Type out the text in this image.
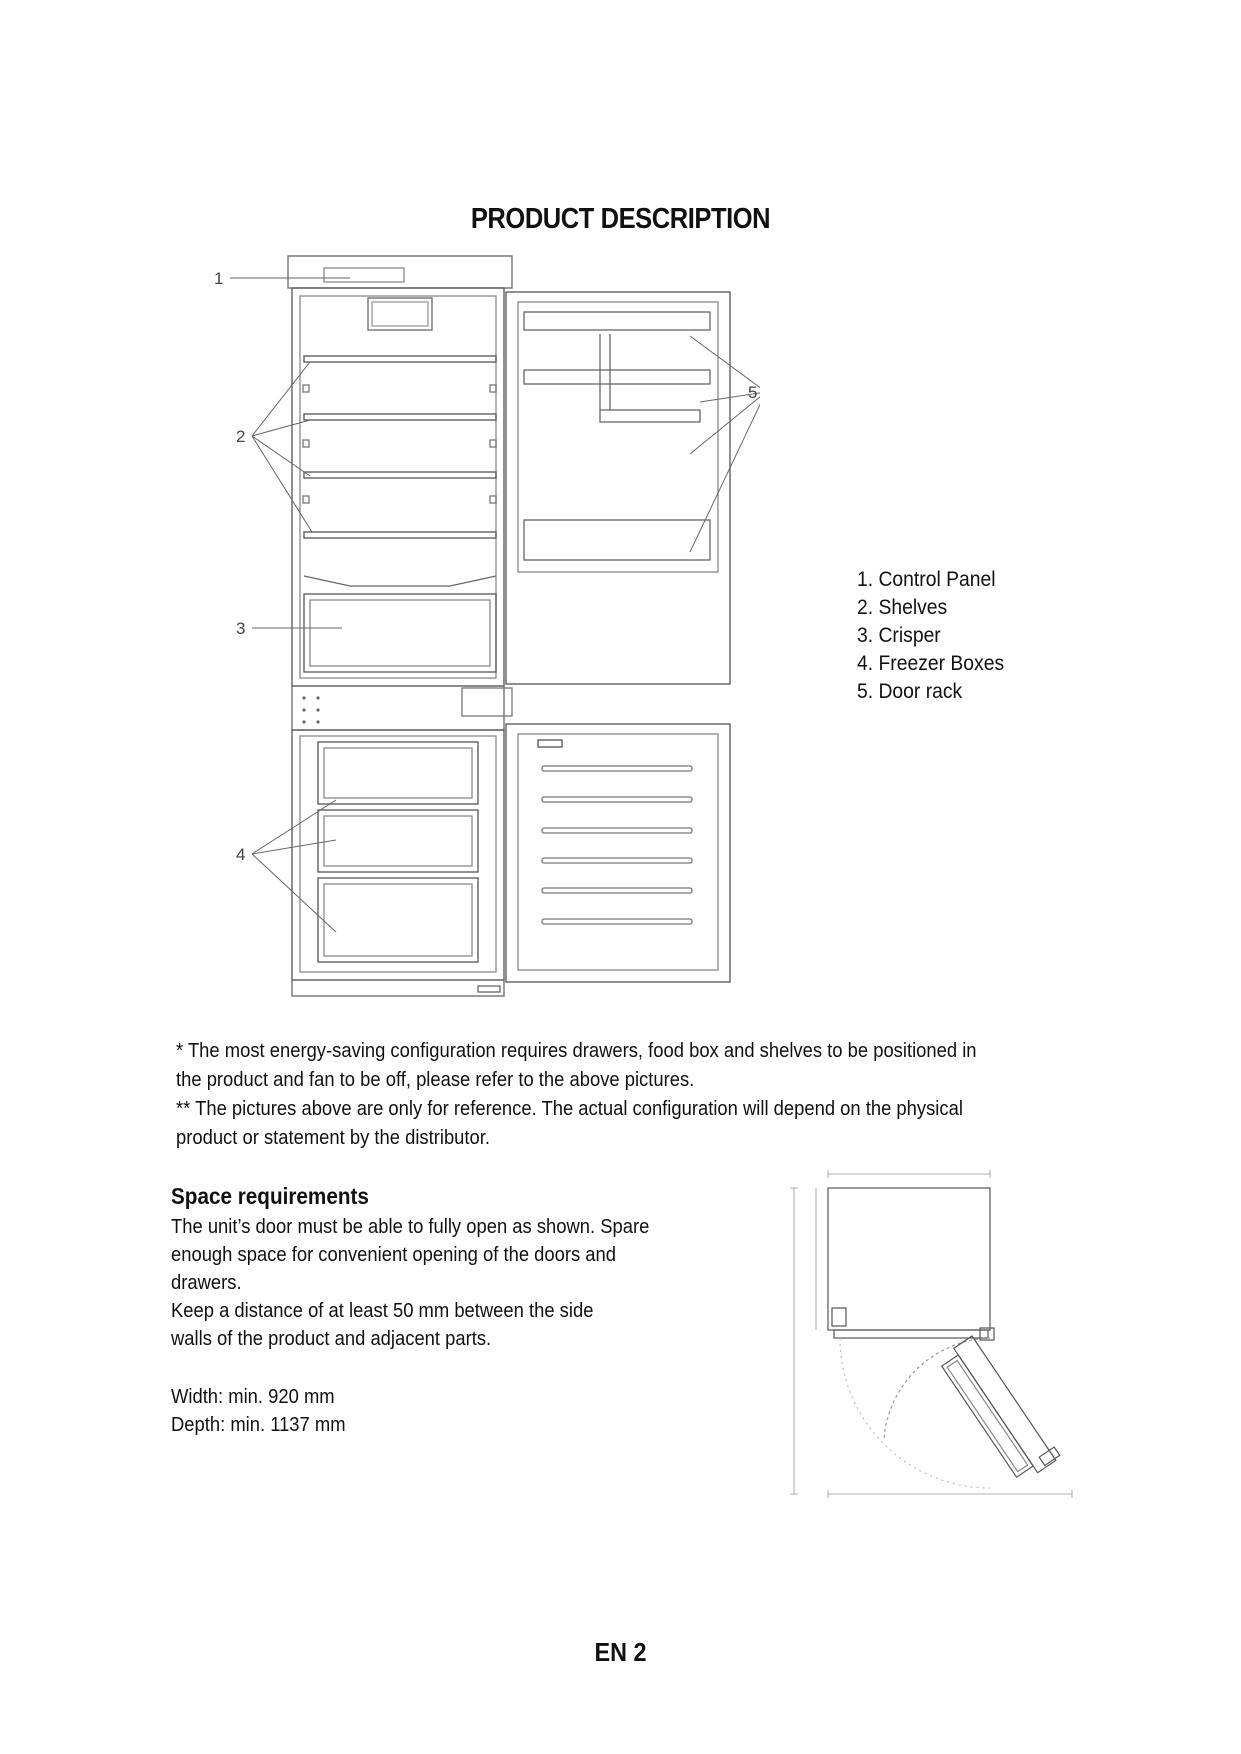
PRODUCT DESCRIPTION
1
2
3
4
5
1. Control Panel
2. Shelves
3. Crisper
4. Freezer Boxes
5. Door rack

* The most energy-saving configuration requires drawers, food box and shelves to be positioned in

the product and fan to be off, please refer to the above pictures.

** The pictures above are only for reference. The actual configuration will depend on the physical

product or statement by the distributor.

Space requirements

The unit’s door must be able to fully open as shown. Spare

enough space for convenient opening of the doors and

drawers.

Keep a distance of at least 50 mm between the side

walls of the product and adjacent parts.

Width: min. 920 mm

Depth: min. 1137 mm

EN 2
